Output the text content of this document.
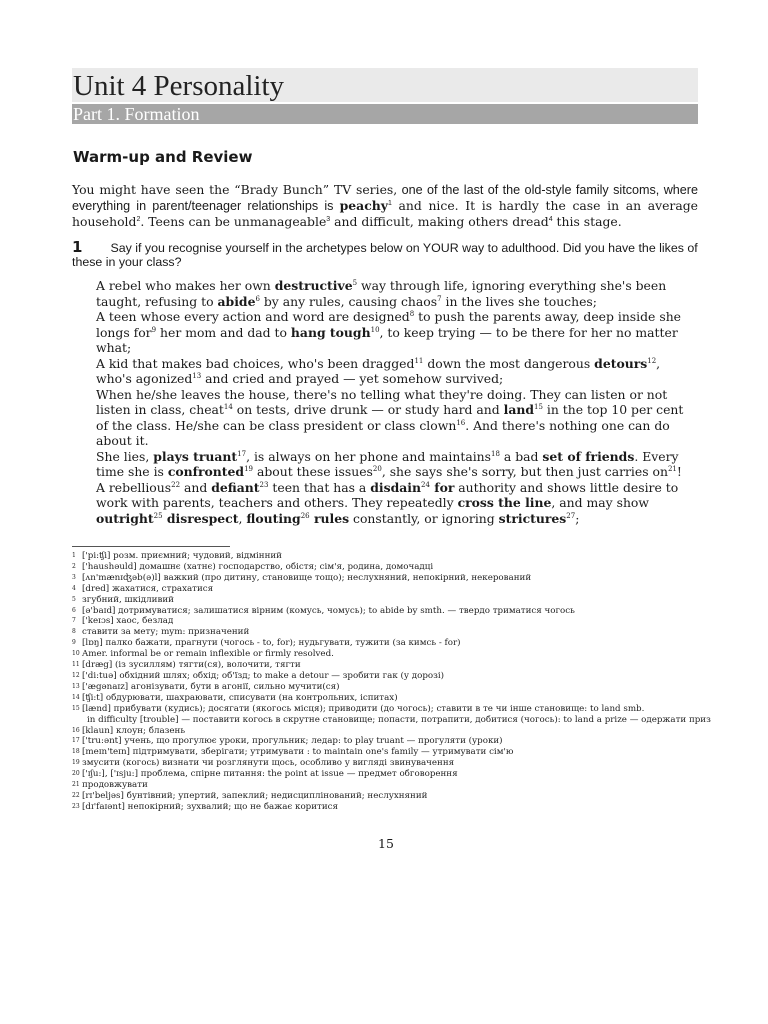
Unit 4 Personality
Part 1. Formation
Warm-up and Review
You might have seen the “Brady Bunch” TV series, one of the last of the old-style family sitcoms, where everything in parent/teenager relationships is peachy$^1$ and nice. It is hardly the case in an average household$^2$. Teens can be unmanageable$^3$ and difficult, making others dread$^4$ this stage.
1 Say if you recognise yourself in the archetypes below on YOUR way to adulthood. Did you have the likes of these in your class?

A rebel who makes her own destructive$^5$ way through life, ignoring everything she's been taught, refusing to abide$^6$ by any rules, causing chaos$^7$ in the lives she touches;

A teen whose every action and word are designed$^8$ to push the parents away, deep inside she longs for$^9$ her mom and dad to hang tough$^{10}$, to keep trying — to be there for her no matter what;

A kid that makes bad choices, who's been dragged$^{11}$ down the most dangerous detours$^{12}$, who's agonized$^{13}$ and cried and prayed — yet somehow survived;

When he/she leaves the house, there's no telling what they're doing. They can listen or not listen in class, cheat$^{14}$ on tests, drive drunk — or study hard and land$^{15}$ in the top 10 per cent of the class. He/she can be class president or class clown$^{16}$. And there's nothing one can do about it.

She lies, plays truant$^{17}$, is always on her phone and maintains$^{18}$ a bad set of friends. Every time she is confronted$^{19}$ about these issues$^{20}$, she says she's sorry, but then just carries $on^{21}$!

A rebellious$^{22}$ and defiant$^{23}$ teen that has a disdain$^{24}$ for authority and shows little desire to work with parents, teachers and others. They repeatedly cross the line, and may show outright$^{25}$ disrespect, flouting$^{26}$ rules constantly, or ignoring strictures$^{27}$;

1 ['pi:ʧi] розм. приємний; чудовий, відмінний

2 ['haushəuld] домашнє (хатнє) господарство, обістя; сім'я, родина, домочадці

3 [ʌn'mænɪʤəb(ə)l] важкий (про дитину, становище тощо); неслухняний, непокірний, некерований

4 [dred] жахатися, страхатися

5 згубний, шкідливий

6 [ə'baɪd] дотримуватися; залишатися вірним (комусь, чомусь); to abide by smth. — твердо триматися чогось

7 ['keɪɔs] хаос, безлад

8 ставити за мету; mym: призначений

9 [lɒŋ] палко бажати, прагнути (чогось - to, for); нудьгувати, тужити (за кимсь - for)

10 Amer. informal be or remain inflexible or firmly resolved.

11 [dræg] (із зусиллям) тягти(ся), волочити, тягти

12 ['di:tuə] обхідний шлях; обхід; об'їзд; to make a detour — зробити гак (у дорозі)

13 ['ægənaɪz] агонізувати, бути в агонії, сильно мучити(ся)

14 [ʧi:t] обдурювати, шахраювати, списувати (на контрольних, іспитах)

15 [lænd] прибувати (кудись); досягати (якогось місця); приводити (до чогось); ставити в те чи інше становище: to land smb.

in difficulty [trouble] — поставити когось в скрутне становище; попасти, потрапити, добитися (чогось): to land a prize — одержати приз

16 [klaun] клоун; блазень

17 ['tru:ənt] учень, що прогулює уроки, прогульник; ледар: to play truant — прогуляти (уроки)

18 [meɪn'teɪn] підтримувати, зберігати; утримувати : to maintain one's family — утримувати сім'ю

19 змусити (когось) визнати чи розглянути щось, особливо у вигляді звинувачення

20 ['ɪʃu:], ['ɪsju:] проблема, спірне питання: the point at issue — предмет обговорення

21 продовжувати

22 [rɪ'beljəs] бунтівний; упертий, запеклий; недисциплінований; неслухняний

23 [dɪ'faɪənt] непокірний; зухвалий; що не бажає коритися

15
